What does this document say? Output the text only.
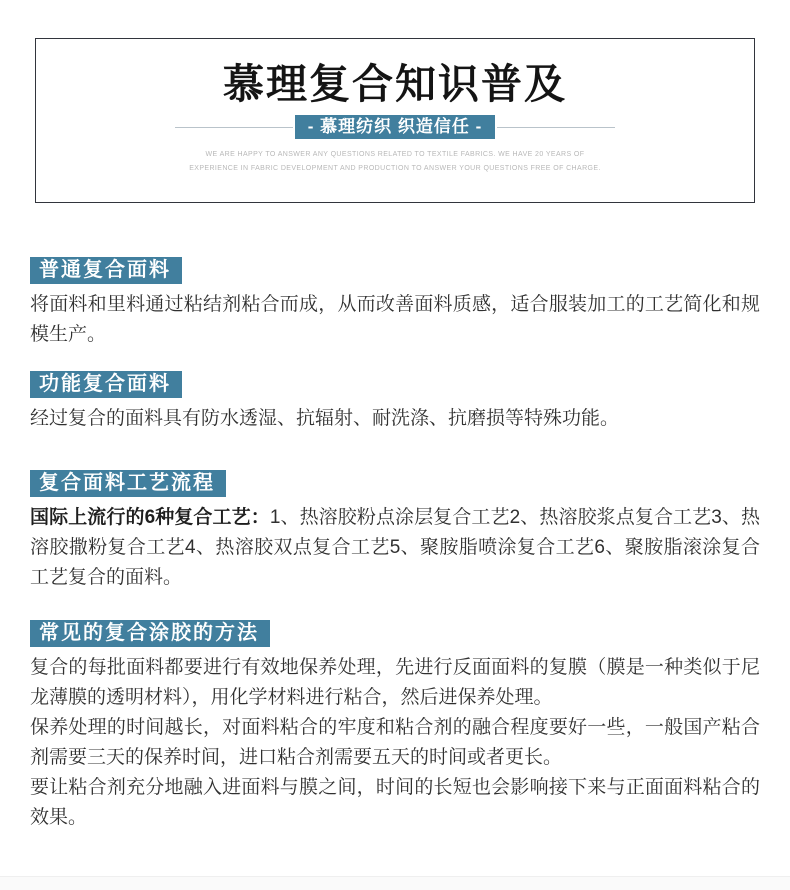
慕理复合知识普及
- 慕理纺织 织造信任 -
WE ARE HAPPY TO ANSWER ANY QUESTIONS RELATED TO TEXTILE FABRICS. WE HAVE 20 YEARS OF
EXPERIENCE IN FABRIC DEVELOPMENT AND PRODUCTION TO ANSWER YOUR QUESTIONS FREE OF CHARGE.
普通复合面料

将面料和里料通过粘结剂粘合而成，从而改善面料质感，适合服装加工的工艺简化和规模生产。

功能复合面料

经过复合的面料具有防水透湿、抗辐射、耐洗涤、抗磨损等特殊功能。

复合面料工艺流程

国际上流行的6种复合工艺：1、热溶胶粉点涂层复合工艺2、热溶胶浆点复合工艺3、热溶胶撒粉复合工艺4、热溶胶双点复合工艺5、聚胺脂喷涂复合工艺6、聚胺脂滚涂复合工艺复合的面料。

常见的复合涂胶的方法

复合的每批面料都要进行有效地保养处理，先进行反面面料的复膜（膜是一种类似于尼龙薄膜的透明材料），用化学材料进行粘合，然后进保养处理。

保养处理的时间越长，对面料粘合的牢度和粘合剂的融合程度要好一些，一般国产粘合剂需要三天的保养时间，进口粘合剂需要五天的时间或者更长。

要让粘合剂充分地融入进面料与膜之间，时间的长短也会影响接下来与正面面料粘合的效果。
